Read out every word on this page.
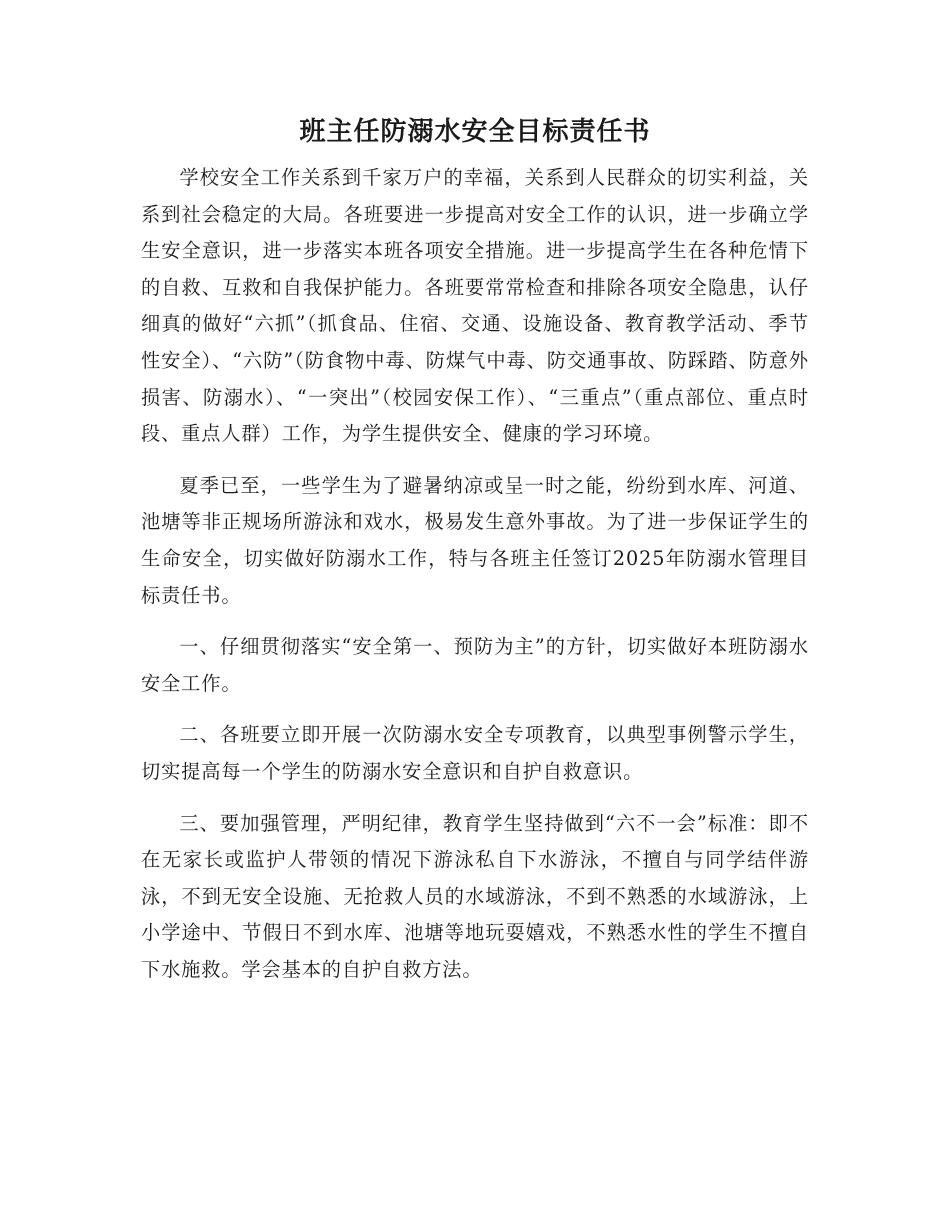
班主任防溺水安全目标责任书

学校安全工作关系到千家万户的幸福，关系到人民群众的切实利益，关系到社会稳定的大局。各班要进一步提高对安全工作的认识，进一步确立学生安全意识，进一步落实本班各项安全措施。进一步提高学生在各种危情下的自救、互救和自我保护能力。各班要常常检查和排除各项安全隐患，认仔细真的做好“六抓”（抓食品、住宿、交通、设施设备、教育教学活动、季节性安全）、“六防”（防食物中毒、防煤气中毒、防交通事故、防踩踏、防意外损害、防溺水）、“一突出”（校园安保工作）、“三重点”（重点部位、重点时段、重点人群）工作，为学生提供安全、健康的学习环境。

夏季已至，一些学生为了避暑纳凉或呈一时之能，纷纷到水库、河道、池塘等非正规场所游泳和戏水，极易发生意外事故。为了进一步保证学生的生命安全，切实做好防溺水工作，特与各班主任签订2025年防溺水管理目标责任书。

一、仔细贯彻落实“安全第一、预防为主”的方针，切实做好本班防溺水安全工作。

二、各班要立即开展一次防溺水安全专项教育，以典型事例警示学生，切实提高每一个学生的防溺水安全意识和自护自救意识。

三、要加强管理，严明纪律，教育学生坚持做到“六不一会”标准：即不在无家长或监护人带领的情况下游泳私自下水游泳，不擅自与同学结伴游泳，不到无安全设施、无抢救人员的水域游泳，不到不熟悉的水域游泳，上小学途中、节假日不到水库、池塘等地玩耍嬉戏，不熟悉水性的学生不擅自下水施救。学会基本的自护自救方法。
